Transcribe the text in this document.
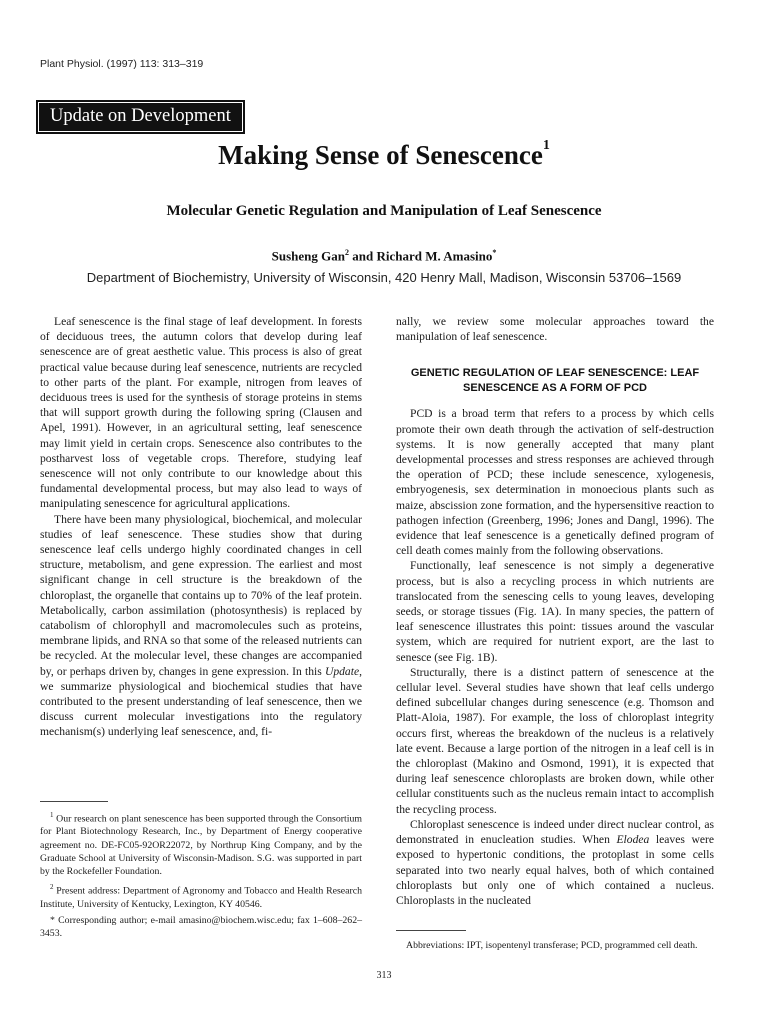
Plant Physiol. (1997) 113: 313–319
Update on Development
Making Sense of Senescence$^1$
Molecular Genetic Regulation and Manipulation of Leaf Senescence
Susheng Gan$^2$ and Richard M. Amasino*
Department of Biochemistry, University of Wisconsin, 420 Henry Mall, Madison, Wisconsin 53706–1569

Leaf senescence is the final stage of leaf development. In forests of deciduous trees, the autumn colors that develop during leaf senescence are of great aesthetic value. This process is also of great practical value because during leaf senescence, nutrients are recycled to other parts of the plant. For example, nitrogen from leaves of deciduous trees is used for the synthesis of storage proteins in stems that will support growth during the following spring (Clausen and Apel, 1991). However, in an agricultural setting, leaf senescence may limit yield in certain crops. Senescence also contributes to the postharvest loss of vegetable crops. Therefore, studying leaf senescence will not only contribute to our knowledge about this fundamental developmental process, but may also lead to ways of manipulating senescence for agricultural applications.

There have been many physiological, biochemical, and molecular studies of leaf senescence. These studies show that during senescence leaf cells undergo highly coordinated changes in cell structure, metabolism, and gene expression. The earliest and most significant change in cell structure is the breakdown of the chloroplast, the organelle that contains up to 70% of the leaf protein. Metabolically, carbon assimilation (photosynthesis) is replaced by catabolism of chlorophyll and macromolecules such as proteins, membrane lipids, and RNA so that some of the released nutrients can be recycled. At the molecular level, these changes are accompanied by, or perhaps driven by, changes in gene expression. In this Update, we summarize physiological and biochemical studies that have contributed to the present understanding of leaf senescence, then we discuss current molecular investigations into the regulatory mechanism(s) underlying leaf senescence, and, fi-

nally, we review some molecular approaches toward the manipulation of leaf senescence.

GENETIC REGULATION OF LEAF SENESCENCE: LEAF SENESCENCE AS A FORM OF PCD

PCD is a broad term that refers to a process by which cells promote their own death through the activation of self-destruction systems. It is now generally accepted that many plant developmental processes and stress responses are achieved through the operation of PCD; these include senescence, xylogenesis, embryogenesis, sex determination in monoecious plants such as maize, abscission zone formation, and the hypersensitive reaction to pathogen infection (Greenberg, 1996; Jones and Dangl, 1996). The evidence that leaf senescence is a genetically defined program of cell death comes mainly from the following observations.

Functionally, leaf senescence is not simply a degenerative process, but is also a recycling process in which nutrients are translocated from the senescing cells to young leaves, developing seeds, or storage tissues (Fig. 1A). In many species, the pattern of leaf senescence illustrates this point: tissues around the vascular system, which are required for nutrient export, are the last to senesce (see Fig. 1B).

Structurally, there is a distinct pattern of senescence at the cellular level. Several studies have shown that leaf cells undergo defined subcellular changes during senescence (e.g. Thomson and Platt-Aloia, 1987). For example, the loss of chloroplast integrity occurs first, whereas the breakdown of the nucleus is a relatively late event. Because a large portion of the nitrogen in a leaf cell is in the chloroplast (Makino and Osmond, 1991), it is expected that during leaf senescence chloroplasts are broken down, while other cellular constituents such as the nucleus remain intact to accomplish the recycling process.

Chloroplast senescence is indeed under direct nuclear control, as demonstrated in enucleation studies. When Elodea leaves were exposed to hypertonic conditions, the protoplast in some cells separated into two nearly equal halves, both of which contained chloroplasts but only one of which contained a nucleus. Chloroplasts in the nucleated

$^1$ Our research on plant senescence has been supported through the Consortium for Plant Biotechnology Research, Inc., by Department of Energy cooperative agreement no. DE-FC05-92OR22072, by Northrup King Company, and by the Graduate School at University of Wisconsin-Madison. S.G. was supported in part by the Rockefeller Foundation.

$^2$ Present address: Department of Agronomy and Tobacco and Health Research Institute, University of Kentucky, Lexington, KY 40546.

* Corresponding author; e-mail amasino@biochem.wisc.edu; fax 1–608–262–3453.

Abbreviations: IPT, isopentenyl transferase; PCD, programmed cell death.

313
